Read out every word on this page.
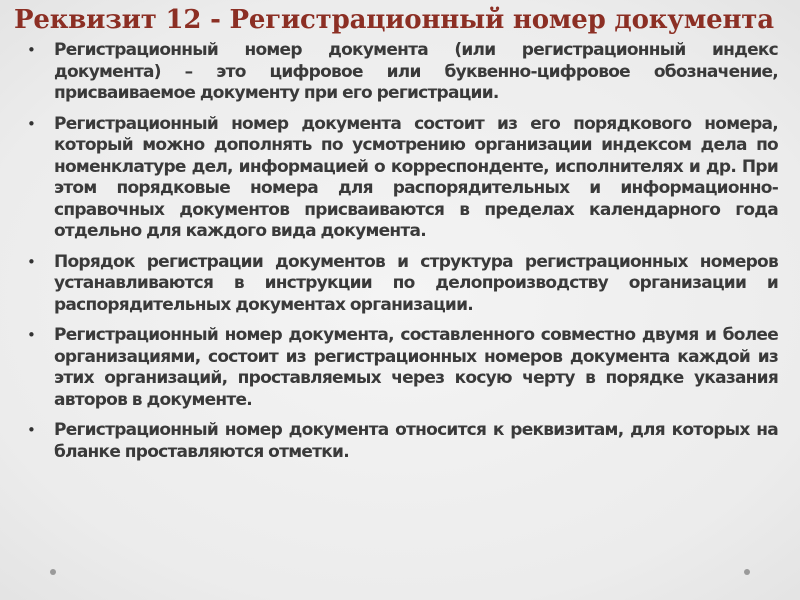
Реквизит 12 - Регистрационный номер документа
• Регистрационный номер документа (или регистрационный индекс документа) – это цифровое или буквенно-цифровое обозначение, присваиваемое документу при его регистрации.
• Регистрационный номер документа состоит из его порядкового номера, который можно дополнять по усмотрению организации индексом дела по номенклатуре дел, информацией о корреспонденте, исполнителях и др. При этом порядковые номера для распорядительных и информационно-справочных документов присваиваются в пределах календарного года отдельно для каждого вида документа.
• Порядок регистрации документов и структура регистрационных номеров устанавливаются в инструкции по делопроизводству организации и распорядительных документах организации.
• Регистрационный номер документа, составленного совместно двумя и более организациями, состоит из регистрационных номеров документа каждой из этих организаций, проставляемых через косую черту в порядке указания авторов в документе.
• Регистрационный номер документа относится к реквизитам, для которых на бланке проставляются отметки.
